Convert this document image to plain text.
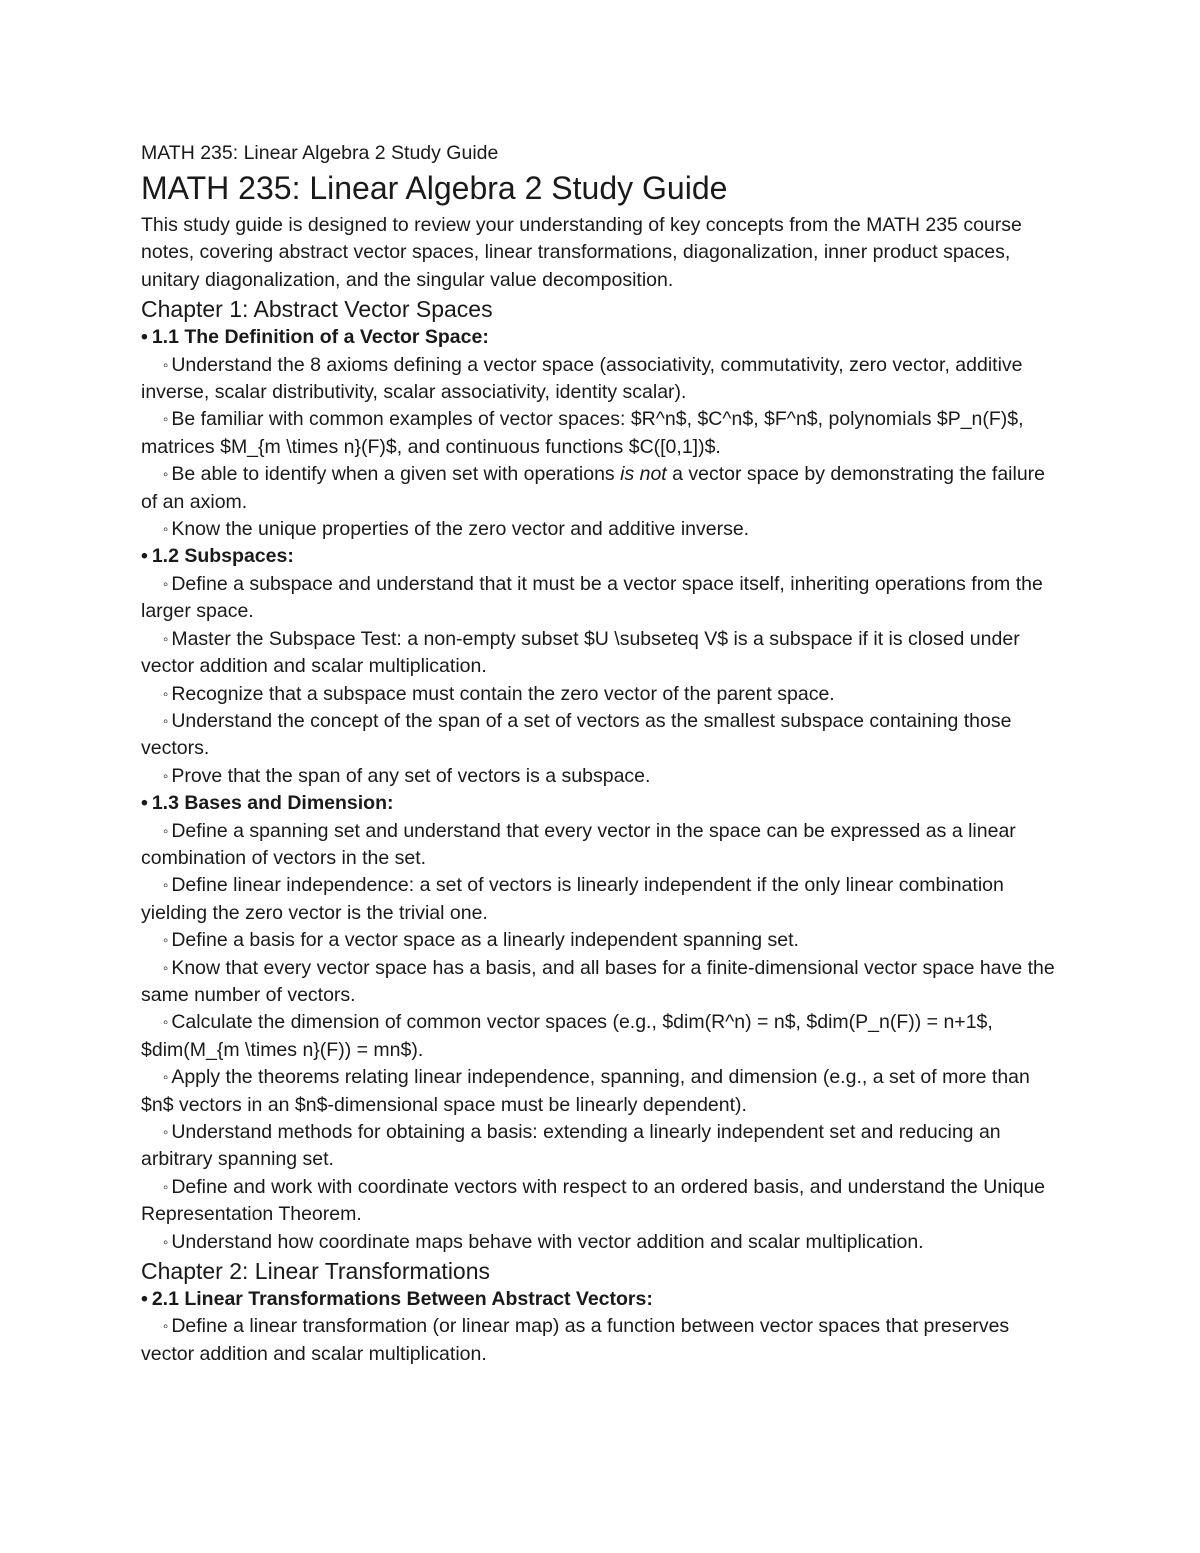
MATH 235: Linear Algebra 2 Study Guide
MATH 235: Linear Algebra 2 Study Guide

This study guide is designed to review your understanding of key concepts from the MATH 235 course notes, covering abstract vector spaces, linear transformations, diagonalization, inner product spaces, unitary diagonalization, and the singular value decomposition.

Chapter 1: Abstract Vector Spaces
• 1.1 The Definition of a Vector Space:
◦ Understand the 8 axioms defining a vector space (associativity, commutativity, zero vector, additive inverse, scalar distributivity, scalar associativity, identity scalar).
◦ Be familiar with common examples of vector spaces: $R^n$, $C^n$, $F^n$, polynomials $P_n(F)$, matrices $M_{m \times n}(F)$, and continuous functions $C([0,1])$.
◦ Be able to identify when a given set with operations is not a vector space by demonstrating the failure of an axiom.
◦ Know the unique properties of the zero vector and additive inverse.
• 1.2 Subspaces:
◦ Define a subspace and understand that it must be a vector space itself, inheriting operations from the larger space.
◦ Master the Subspace Test: a non-empty subset $U \subseteq V$ is a subspace if it is closed under vector addition and scalar multiplication.
◦ Recognize that a subspace must contain the zero vector of the parent space.
◦ Understand the concept of the span of a set of vectors as the smallest subspace containing those vectors.
◦ Prove that the span of any set of vectors is a subspace.
• 1.3 Bases and Dimension:
◦ Define a spanning set and understand that every vector in the space can be expressed as a linear combination of vectors in the set.
◦ Define linear independence: a set of vectors is linearly independent if the only linear combination yielding the zero vector is the trivial one.
◦ Define a basis for a vector space as a linearly independent spanning set.
◦ Know that every vector space has a basis, and all bases for a finite-dimensional vector space have the same number of vectors.
◦ Calculate the dimension of common vector spaces (e.g., $dim(R^n) = n$, $dim(P_n(F)) = n+1$, $dim(M_{m \times n}(F)) = mn$).
◦ Apply the theorems relating linear independence, spanning, and dimension (e.g., a set of more than $n$ vectors in an $n$-dimensional space must be linearly dependent).
◦ Understand methods for obtaining a basis: extending a linearly independent set and reducing an arbitrary spanning set.
◦ Define and work with coordinate vectors with respect to an ordered basis, and understand the Unique Representation Theorem.
◦ Understand how coordinate maps behave with vector addition and scalar multiplication.
Chapter 2: Linear Transformations
• 2.1 Linear Transformations Between Abstract Vectors:
◦ Define a linear transformation (or linear map) as a function between vector spaces that preserves vector addition and scalar multiplication.
